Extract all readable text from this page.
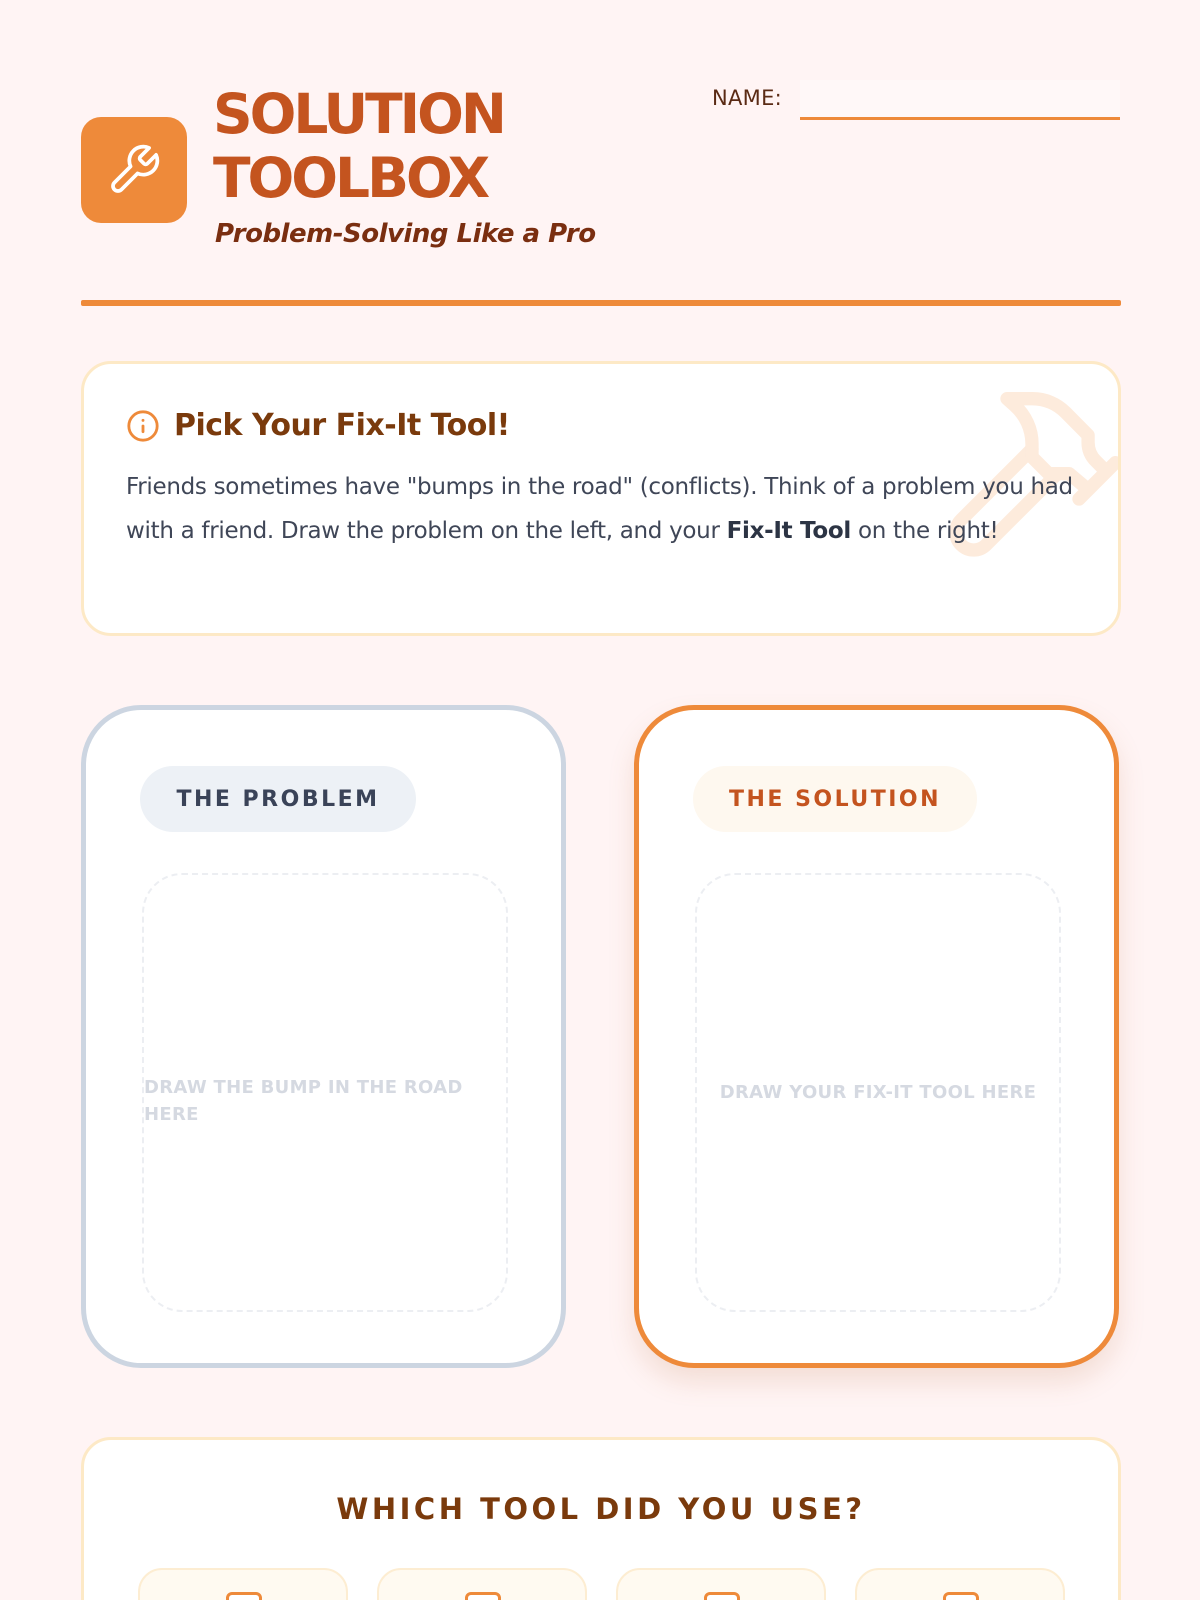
SOLUTION
TOOLBOX
Problem-Solving Like a Pro
NAME:
Pick Your Fix-It Tool!

Friends sometimes have "bumps in the road" (conflicts). Think of a problem you had with a friend. Draw the problem on the left, and your Fix-It Tool on the right!

THE PROBLEM
DRAW THE BUMP IN THE ROAD HERE
THE SOLUTION
DRAW YOUR FIX-IT TOOL HERE
WHICH TOOL DID YOU USE?
